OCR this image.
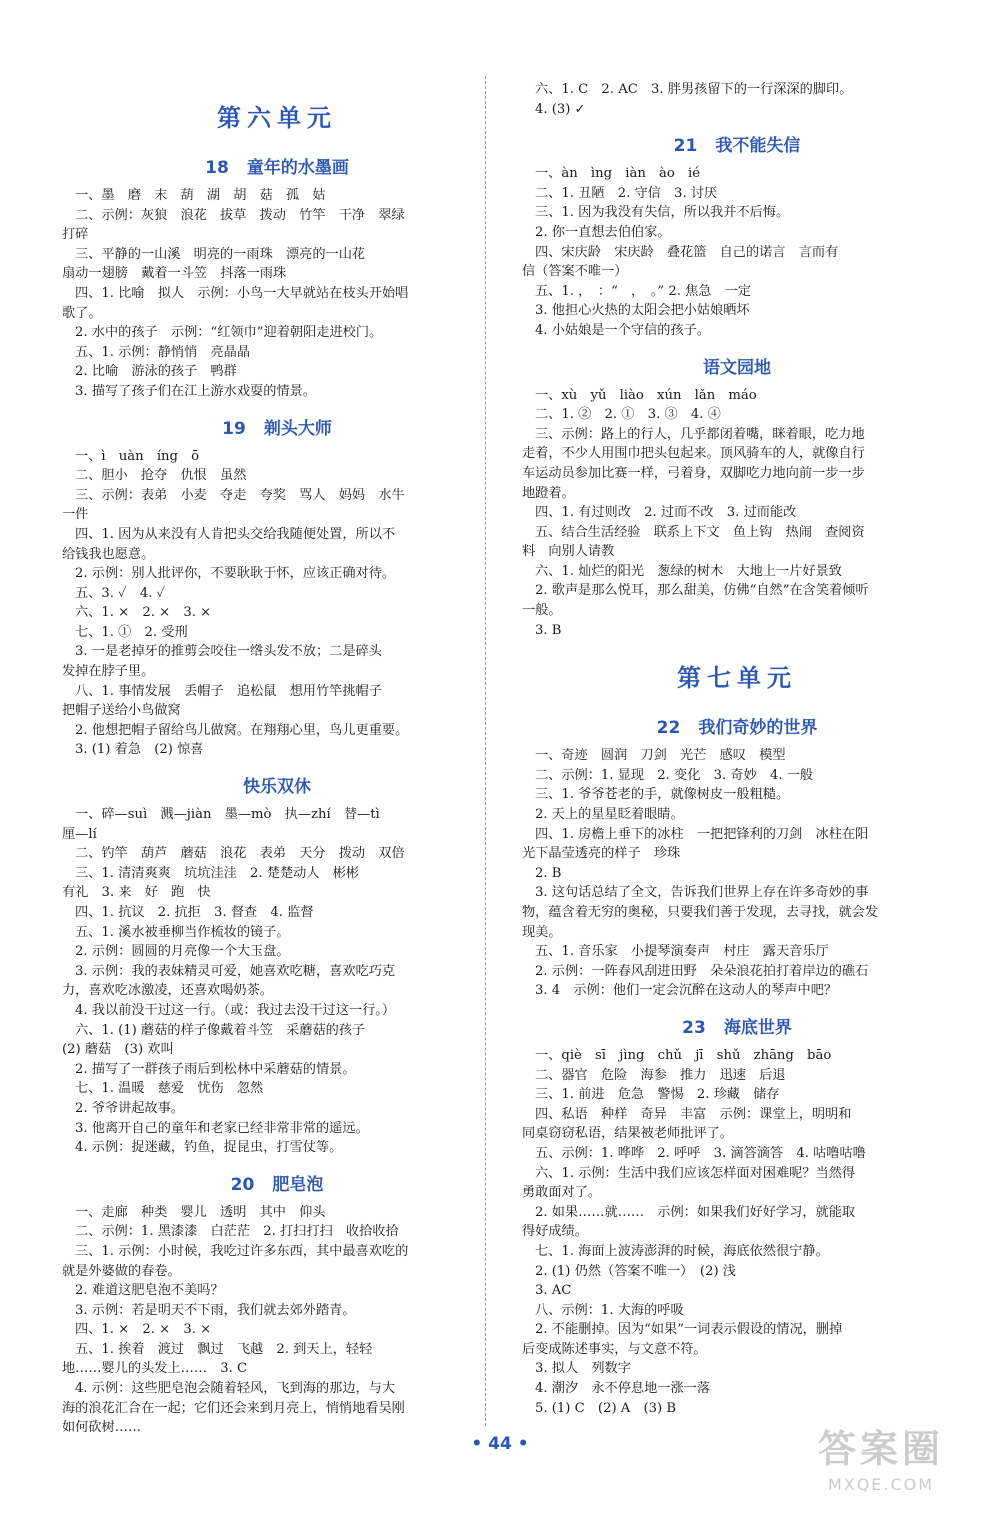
第六单元
18 童年的水墨画
一、墨　磨　末　葫　湖　胡　菇　孤　姑
二、示例：灰狼　浪花　拔草　拨动　竹竿　干净　翠绿
打碎
三、平静的一山溪　明亮的一雨珠　漂亮的一山花
扇动一翅膀　戴着一斗笠　抖落一雨珠
四、1. 比喻　拟人　示例：小鸟一大早就站在枝头开始唱
歌了。
2. 水中的孩子　示例：“红领巾”迎着朝阳走进校门。
五、1. 示例：静悄悄　亮晶晶
2. 比喻　游泳的孩子　鸭群
3. 描写了孩子们在江上游水戏耍的情景。
19 剃头大师
一、ì　uàn　íng　ō
二、胆小　抢夺　仇恨　虽然
三、示例：表弟　小麦　夺走　夸奖　骂人　妈妈　水牛
一件
四、1. 因为从来没有人肯把头交给我随便处置，所以不
给钱我也愿意。
2. 示例：别人批评你，不要耿耿于怀，应该正确对待。
五、3. ✓　4. ✓
六、1. ×　2. ×　3. ×
七、1. ①　2. 受刑
3. 一是老掉牙的推剪会咬住一绺头发不放；二是碎头
发掉在脖子里。
八、1. 事情发展　丢帽子　追松鼠　想用竹竿挑帽子
把帽子送给小鸟做窝
2. 他想把帽子留给鸟儿做窝。在翔翔心里，鸟儿更重要。
3. (1) 着急　(2) 惊喜
快乐双休
一、碎—suì　溅—jiàn　墨—mò　执—zhí　替—tì
厘—lí
二、钓竿　葫芦　蘑菇　浪花　表弟　天分　拨动　双倍
三、1. 清清爽爽　坑坑洼洼　2. 楚楚动人　彬彬
有礼　3. 来　好　跑　快
四、1. 抗议　2. 抗拒　3. 督查　4. 监督
五、1. 溪水被垂柳当作梳妆的镜子。
2. 示例：圆圆的月亮像一个大玉盘。
3. 示例：我的表妹精灵可爱，她喜欢吃糖，喜欢吃巧克
力，喜欢吃冰激凌，还喜欢喝奶茶。
4. 我以前没干过这一行。（或：我过去没干过这一行。）
六、1. (1) 蘑菇的样子像戴着斗笠　采蘑菇的孩子
(2) 蘑菇　(3) 欢叫
2. 描写了一群孩子雨后到松林中采蘑菇的情景。
七、1. 温暖　慈爱　忧伤　忽然
2. 爷爷讲起故事。
3. 他离开自己的童年和老家已经非常非常的遥远。
4. 示例：捉迷藏，钓鱼，捉昆虫，打雪仗等。
20 肥皂泡
一、走廊　种类　婴儿　透明　其中　仰头
二、示例：1. 黑漆漆　白茫茫　2. 打扫打扫　收拾收拾
三、1. 示例：小时候，我吃过许多东西，其中最喜欢吃的
就是外婆做的春卷。
2. 难道这肥皂泡不美吗？
3. 示例：若是明天不下雨，我们就去郊外踏青。
四、1. ×　2. ×　3. ×
五、1. 挨着　渡过　飘过　飞越　2. 到天上，轻轻
地……婴儿的头发上……　3. C
4. 示例：这些肥皂泡会随着轻风，飞到海的那边，与大
海的浪花汇合在一起；它们还会来到月亮上，悄悄地看吴刚
如何砍树……
六、1. C　2. AC　3. 胖男孩留下的一行深深的脚印。
4. (3) ✓
21 我不能失信
一、àn　ìng　iàn　ào　ié
二、1. 丑陋　2. 守信　3. 讨厌
三、1. 因为我没有失信，所以我并不后悔。
2. 你一直想去伯伯家。
四、宋庆龄　宋庆龄　叠花篮　自己的诺言　言而有
信（答案不唯一）
五、1. ，　：“　，　。” 2. 焦急　一定
3. 他担心火热的太阳会把小姑娘晒坏
4. 小姑娘是一个守信的孩子。
语文园地
一、xù　yǔ　liào　xún　lǎn　máo
二、1. ②　2. ①　3. ③　4. ④
三、示例：路上的行人，几乎都闭着嘴，眯着眼，吃力地
走着，不少人用围巾把头包起来。顶风骑车的人，就像自行
车运动员参加比赛一样，弓着身，双脚吃力地向前一步一步
地蹬着。
四、1. 有过则改　2. 过而不改　3. 过而能改
五、结合生活经验　联系上下文　鱼上钩　热闹　查阅资
料　向别人请教
六、1. 灿烂的阳光　葱绿的树木　大地上一片好景致
2. 歌声是那么悦耳，那么甜美，仿佛“自然”在含笑着倾听
一般。
3. B
第七单元
22 我们奇妙的世界
一、奇迹　圆润　刀剑　光芒　感叹　模型
二、示例：1. 显现　2. 变化　3. 奇妙　4. 一般
三、1. 爷爷苍老的手，就像树皮一般粗糙。
2. 天上的星星眨着眼睛。
四、1. 房檐上垂下的冰柱　一把把锋利的刀剑　冰柱在阳
光下晶莹透亮的样子　珍珠
2. B
3. 这句话总结了全文，告诉我们世界上存在许多奇妙的事
物，蕴含着无穷的奥秘，只要我们善于发现，去寻找，就会发
现美。
五、1. 音乐家　小提琴演奏声　村庄　露天音乐厅
2. 示例：一阵春风刮进田野　朵朵浪花拍打着岸边的礁石
3. 4　示例：他们一定会沉醉在这动人的琴声中吧？
23 海底世界
一、qiè　sī　jìng　chǔ　jī　shǔ　zhāng　bāo
二、器官　危险　海参　推力　迅速　后退
三、1. 前进　危急　警惕　2. 珍藏　储存
四、私语　种样　奇异　丰富　示例：课堂上，明明和
同桌窃窃私语，结果被老师批评了。
五、示例：1. 哗哗　2. 呼呼　3. 滴答滴答　4. 咕噜咕噜
六、1. 示例：生活中我们应该怎样面对困难呢？当然得
勇敢面对了。
2. 如果……就……　示例：如果我们好好学习，就能取
得好成绩。
七、1. 海面上波涛澎湃的时候，海底依然很宁静。
2. (1) 仍然（答案不唯一）　(2) 浅
3. AC
八、示例：1. 大海的呼吸
2. 不能删掉。因为“如果”一词表示假设的情况，删掉
后变成陈述事实，与文意不符。
3. 拟人　列数字
4. 潮汐　永不停息地一涨一落
5. (1) C　(2) A　(3) B
• 44 •	答案圈
MXQE.COM
